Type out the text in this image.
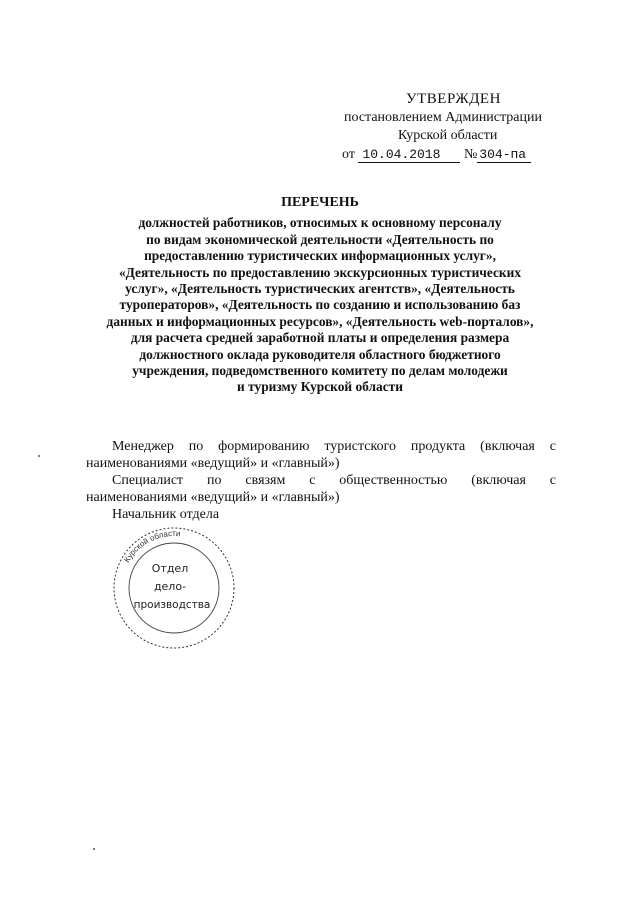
УТВЕРЖДЕН
постановлением Администрации
Курской области
от 10.04.2018 № 304-па
ПЕРЕЧЕНЬ
должностей работников, относимых к основному персоналу
по видам экономической деятельности «Деятельность по
предоставлению туристических информационных услуг»,
«Деятельность по предоставлению экскурсионных туристических
услуг», «Деятельность туристических агентств», «Деятельность
туроператоров», «Деятельность по созданию и использованию баз
данных и информационных ресурсов», «Деятельность web-порталов»,
для расчета средней заработной платы и определения размера
должностного оклада руководителя областного бюджетного
учреждения, подведомственного комитету по делам молодежи
и туризму Курской области
Менеджер по формированию туристского продукта (включая с
наименованиями «ведущий» и «главный»)
Специалист по связям с общественностью (включая с
наименованиями «ведущий» и «главный»)
Начальник отдела
Курской области
Отдел
дело-
производства
